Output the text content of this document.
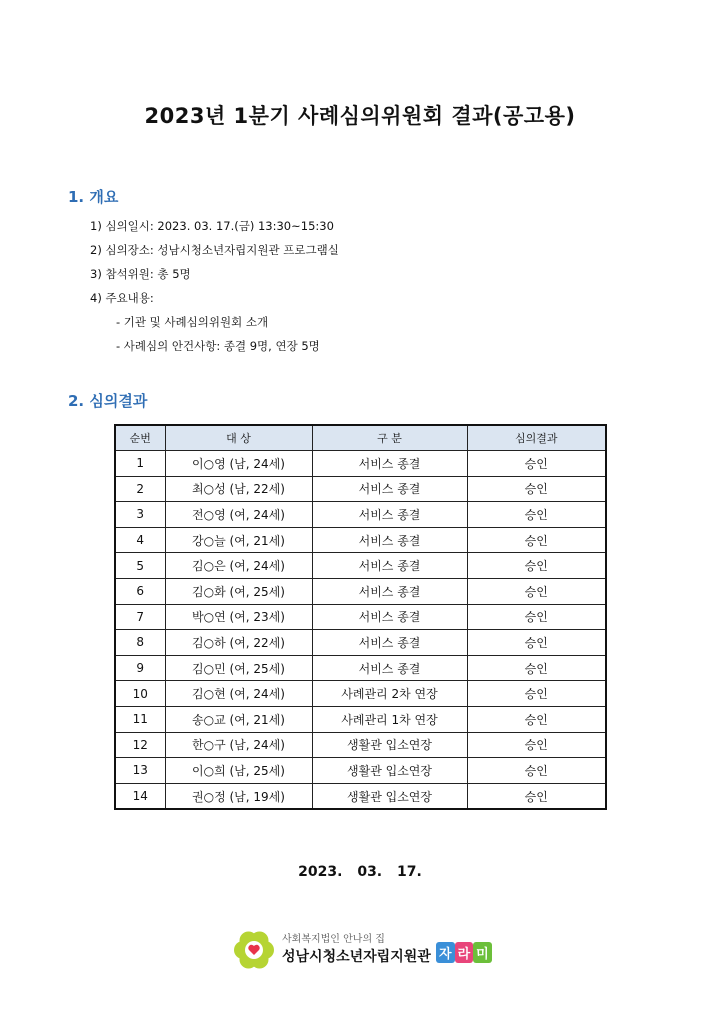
2023년 1분기 사례심의위원회 결과(공고용)
1. 개요
1) 심의일시: 2023. 03. 17.(금) 13:30~15:30
2) 심의장소: 성남시청소년자립지원관 프로그램실
3) 참석위원: 총 5명
4) 주요내용:
- 기관 및 사례심의위원회 소개
- 사례심의 안건사항: 종결 9명, 연장 5명
2. 심의결과
순번	대 상	구 분	심의결과
1	이○영 (남, 24세)	서비스 종결	승인
2	최○성 (남, 22세)	서비스 종결	승인
3	전○영 (여, 24세)	서비스 종결	승인
4	강○늘 (여, 21세)	서비스 종결	승인
5	김○은 (여, 24세)	서비스 종결	승인
6	김○화 (여, 25세)	서비스 종결	승인
7	박○연 (여, 23세)	서비스 종결	승인
8	김○하 (여, 22세)	서비스 종결	승인
9	김○민 (여, 25세)	서비스 종결	승인
10	김○현 (여, 24세)	사례관리 2차 연장	승인
11	송○교 (여, 21세)	사례관리 1차 연장	승인
12	한○구 (남, 24세)	생활관 입소연장	승인
13	이○희 (남, 25세)	생활관 입소연장	승인
14	권○정 (남, 19세)	생활관 입소연장	승인
2023. 03. 17.
사회복지법인 안나의 집
성남시청소년자립지원관 자 라 미
